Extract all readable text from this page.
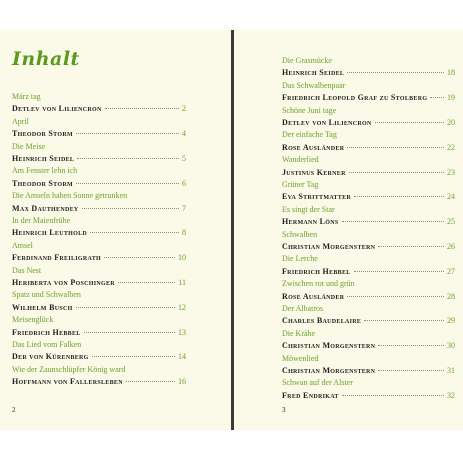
Inhalt
März tag
Detlev von Liliencron	2
April
Theodor Storm	4
Die Meise
Heinrich Seidel	5
Am Fenster lehn ich
Theodor Storm	6
Die Amseln haben Sonne getrunken
Max Dauthendey	7
In der Maienfrühe
Heinrich Leuthold	8
Amsel
Ferdinand Freiligrath	10
Das Nest
Heriberta von Poschinger	11
Spatz und Schwalben
Wilhelm Busch	12
Meisenglück
Friedrich Hebbel	13
Das Lied vom Falken
Der von Kürenberg	14
Wie der Zaunschlüpfer König ward
Hoffmann von Fallersleben	16
2
Die Grasmücke
Heinrich Seidel	18
Das Schwalbenpaar
Friedrich Leopold Graf zu Stolberg 19
Schöne Juni tage
Detlev von Liliencron	20
Der einfache Tag
Rose Ausländer	22
Wanderlied
Justinus Kerner	23
Grüner Tag
Eva Strittmatter	24
Es singt der Star
Hermann Löns	25
Schwalben
Christian Morgenstern	26
Die Lerche
Friedrich Hebbel	27
Zwischen rot und grün
Rose Ausländer	28
Der Albatros
Charles Baudelaire	29
Die Krähe
Christian Morgenstern	30
Möwenlied
Christian Morgenstern	31
Schwan auf der Alster
Fred Endrikat	32
3
